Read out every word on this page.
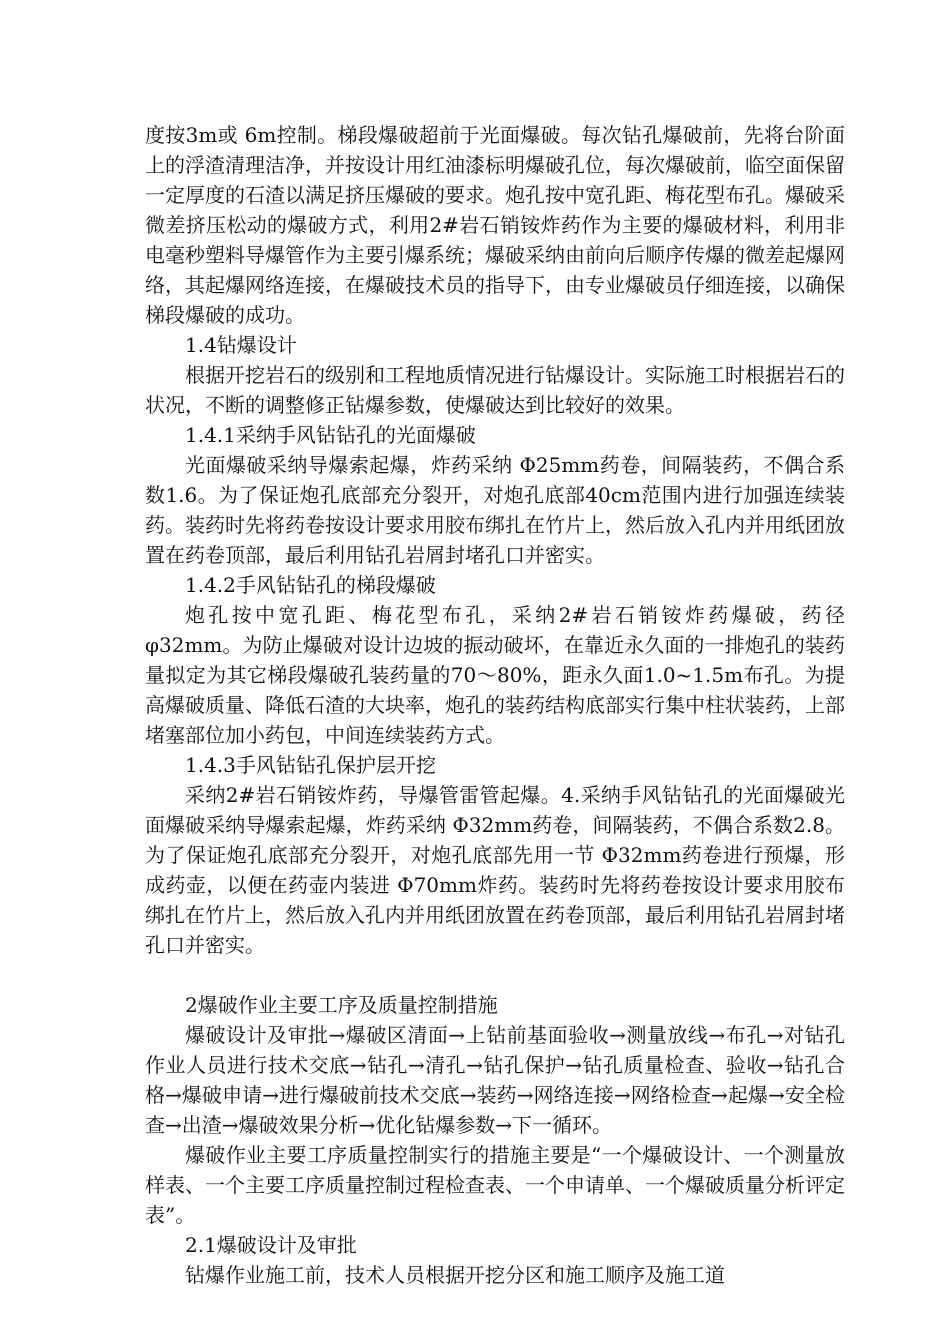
度按3m或 6m控制。梯段爆破超前于光面爆破。每次钻孔爆破前，先将台阶面上的浮渣清理洁净，并按设计用红油漆标明爆破孔位，每次爆破前，临空面保留一定厚度的石渣以满足挤压爆破的要求。炮孔按中宽孔距、梅花型布孔。爆破采微差挤压松动的爆破方式，利用2#岩石销铵炸药作为主要的爆破材料，利用非电毫秒塑料导爆管作为主要引爆系统；爆破采纳由前向后顺序传爆的微差起爆网络，其起爆网络连接，在爆破技术员的指导下，由专业爆破员仔细连接，以确保梯段爆破的成功。

1.4钻爆设计

根据开挖岩石的级别和工程地质情况进行钻爆设计。实际施工时根据岩石的状况，不断的调整修正钻爆参数，使爆破达到比较好的效果。

1.4.1采纳手风钻钻孔的光面爆破

光面爆破采纳导爆索起爆，炸药采纳 Φ25mm药卷，间隔装药，不偶合系数1.6。为了保证炮孔底部充分裂开，对炮孔底部40cm范围内进行加强连续装药。装药时先将药卷按设计要求用胶布绑扎在竹片上，然后放入孔内并用纸团放置在药卷顶部，最后利用钻孔岩屑封堵孔口并密实。

1.4.2手风钻钻孔的梯段爆破

炮孔按中宽孔距、梅花型布孔，采纳2#岩石销铵炸药爆破，药径 φ32mm。为防止爆破对设计边坡的振动破坏，在靠近永久面的一排炮孔的装药量拟定为其它梯段爆破孔装药量的70～80%，距永久面1.0~1.5m布孔。为提高爆破质量、降低石渣的大块率，炮孔的装药结构底部实行集中柱状装药，上部堵塞部位加小药包，中间连续装药方式。

1.4.3手风钻钻孔保护层开挖

采纳2#岩石销铵炸药，导爆管雷管起爆。4.采纳手风钻钻孔的光面爆破光面爆破采纳导爆索起爆，炸药采纳 Φ32mm药卷，间隔装药，不偶合系数2.8。为了保证炮孔底部充分裂开，对炮孔底部先用一节 Φ32mm药卷进行预爆，形成药壶，以便在药壶内装进 Φ70mm炸药。装药时先将药卷按设计要求用胶布绑扎在竹片上，然后放入孔内并用纸团放置在药卷顶部，最后利用钻孔岩屑封堵孔口并密实。

2爆破作业主要工序及质量控制措施

爆破设计及审批→爆破区清面→上钻前基面验收→测量放线→布孔→对钻孔作业人员进行技术交底→钻孔→清孔→钻孔保护→钻孔质量检查、验收→钻孔合格→爆破申请→进行爆破前技术交底→装药→网络连接→网络检查→起爆→安全检查→出渣→爆破效果分析→优化钻爆参数→下一循环。

爆破作业主要工序质量控制实行的措施主要是“一个爆破设计、一个测量放样表、一个主要工序质量控制过程检查表、一个申请单、一个爆破质量分析评定表”。

2.1爆破设计及审批

钻爆作业施工前，技术人员根据开挖分区和施工顺序及施工道
